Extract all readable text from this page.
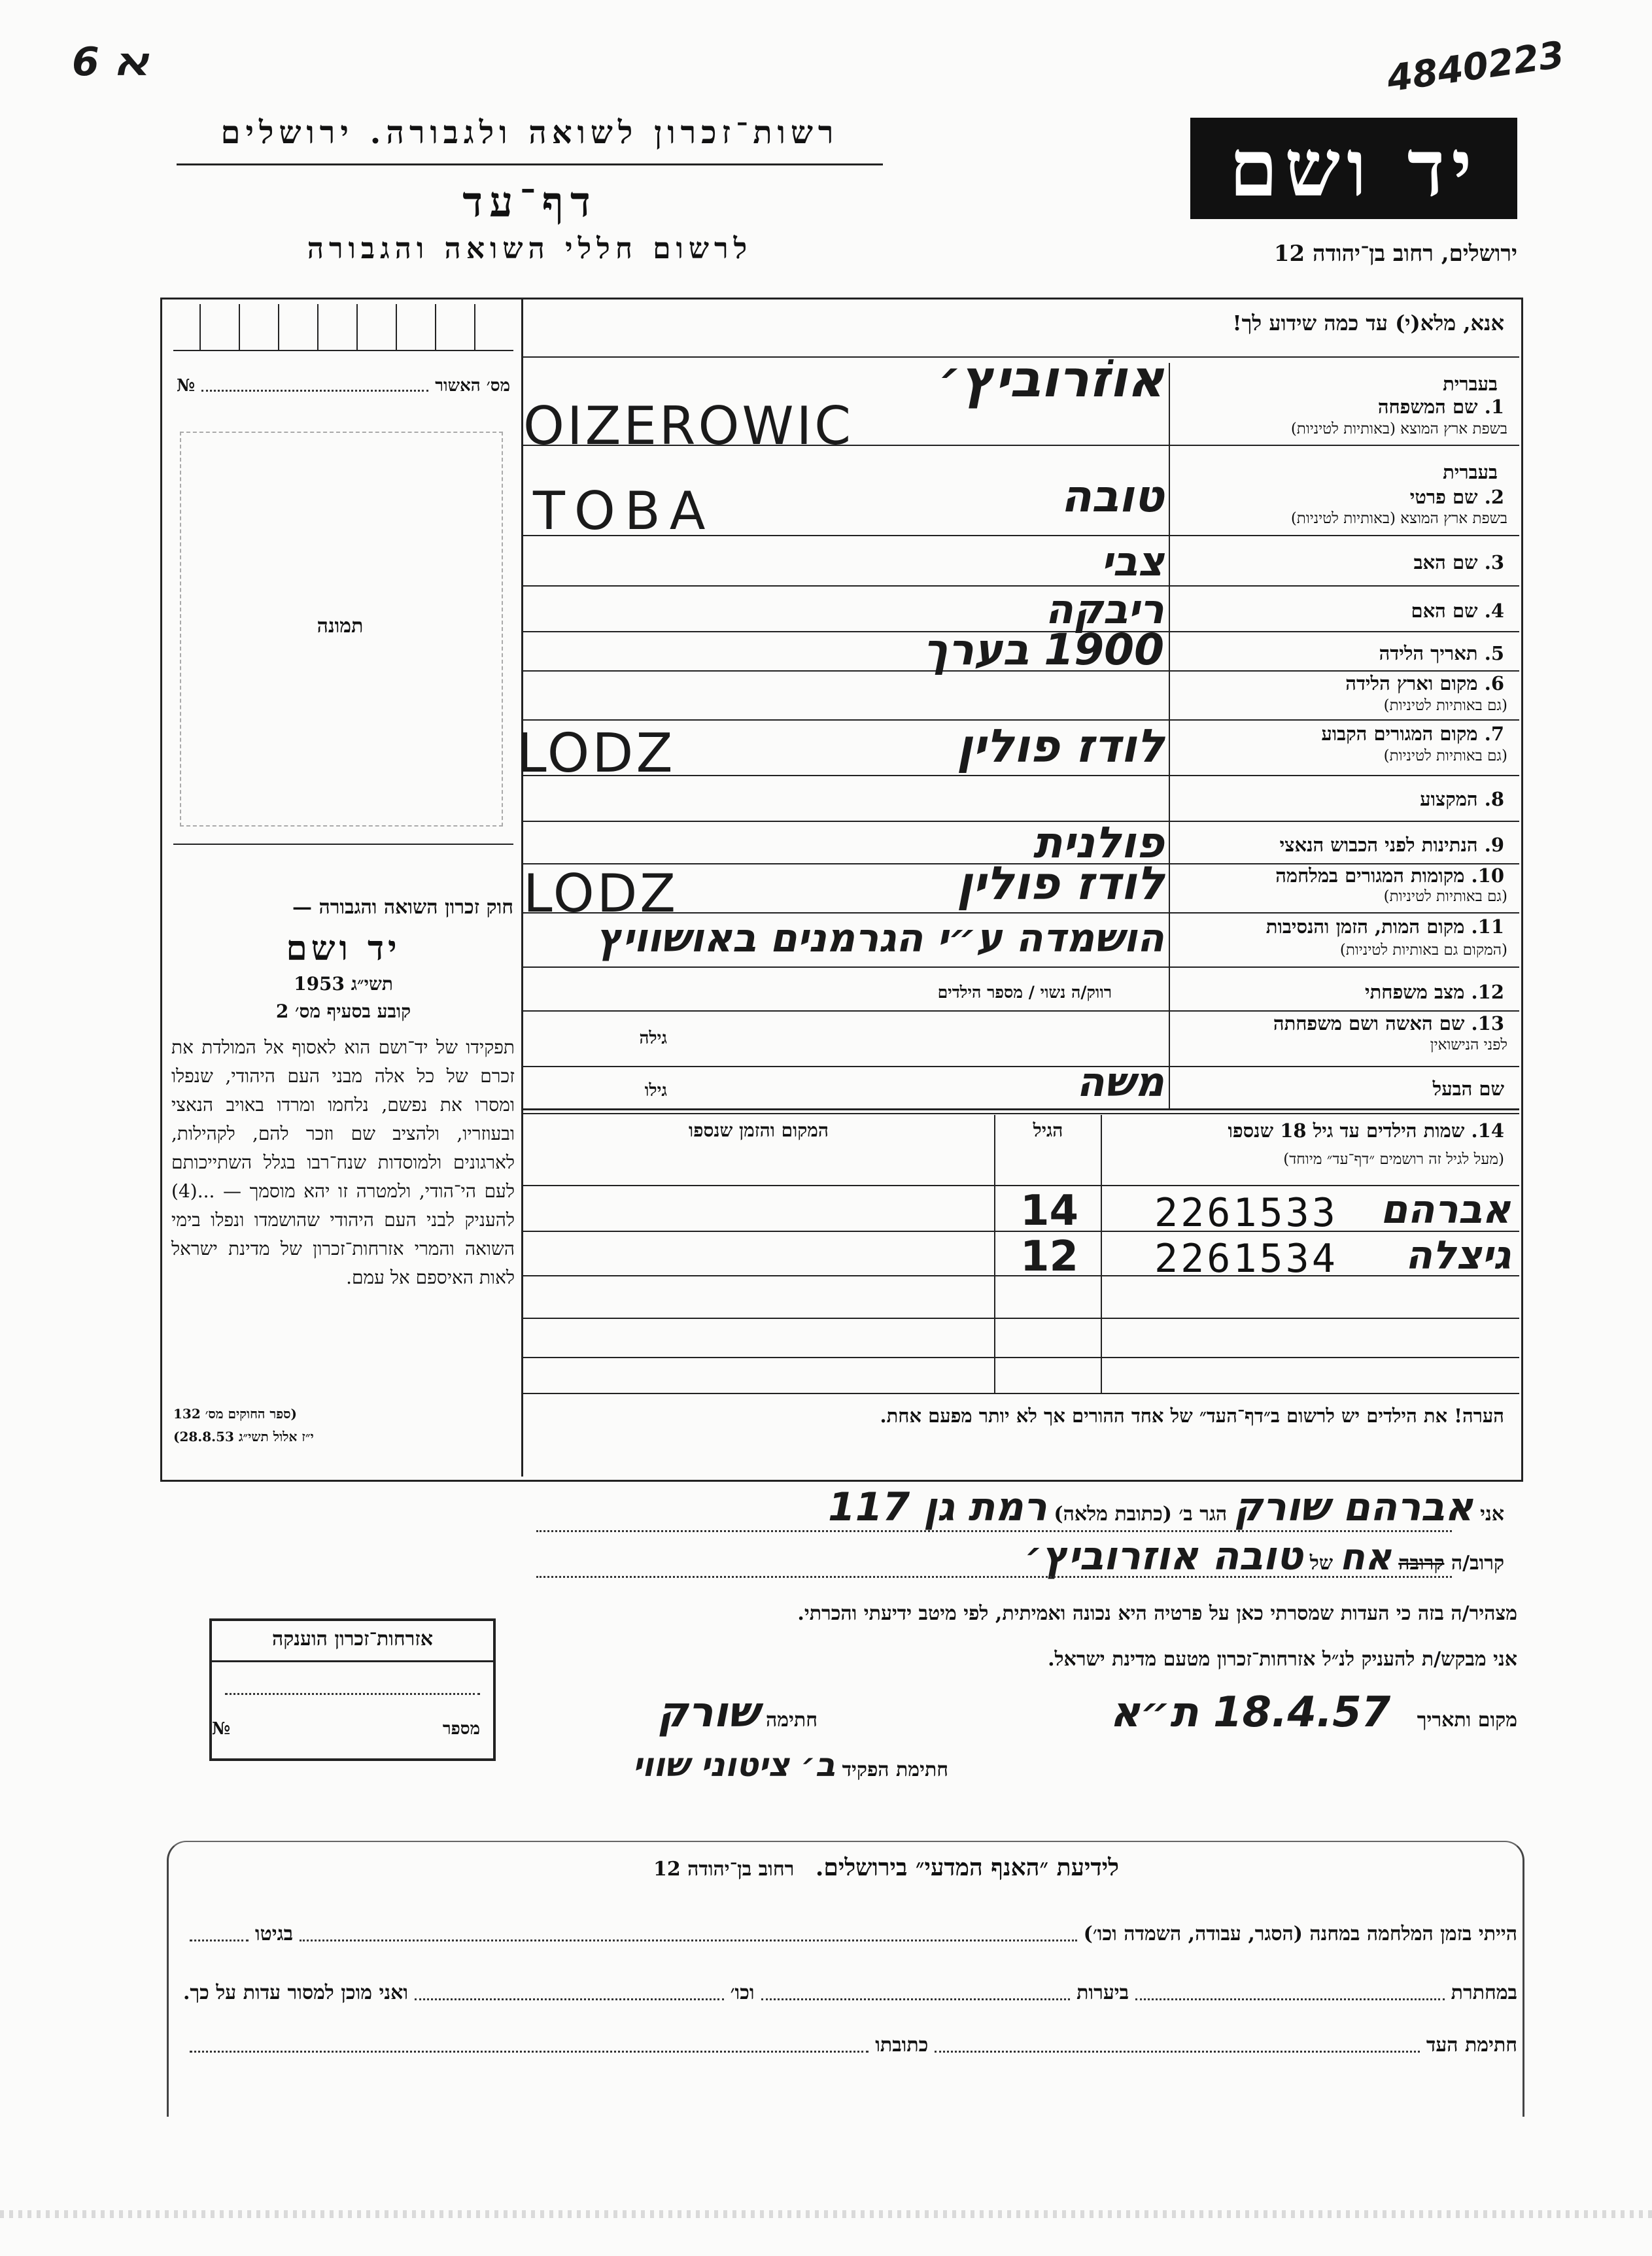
ﬡ 6	4840223
רשות־זכרון לשואה ולגבורה. ירושלים
דף־עד
לרשום חללי השואה והגבורה
יד ושם
ירושלים, רחוב בן־יהודה 12
אנא, מלא(י) עד כמה שידוע לך!
מס׳ האשור
№
תמונה
חוק זכרון השואה והגבורה —
יד ושם
תשי״ג 1953
קובע בסעיף מס׳ 2
תפקידו של יד־ושם הוא לאסוף אל המולדת את זכרם של כל אלה מבני העם היהודי, שנפלו ומסרו את נפשם, נלחמו ומרדו באויב הנאצי ובעוזריו, ולהציב שם וזכר להם, לקהילות, לארגונים ולמוסדות שנח־רבו בגלל השתייכותם לעם הי־הודי, ולמטרה זו יהא מוסמך — ...(4) להעניק לבני העם היהודי שהושמדו ונפלו בימי השואה והמרי אזרחות־זכרון של מדינת ישראל לאות האיספם אל עמם.
(ספר החוקים מס׳ 132
י״ז אלול תשי״ג 28.8.53)
בעברית
1. שם המשפחה
בשפת ארץ המוצא (באותיות לטיניות)
בעברית
2. שם פרטי
בשפת ארץ המוצא (באותיות לטיניות)
3. שם האב
4. שם האם
5. תאריך הלידה
6. מקום וארץ הלידה
(גם באותיות לטיניות)
7. מקום המגורים הקבוע
(גם באותיות לטיניות)
8. המקצוע
9. הנתינות לפני הכבוש הנאצי
10. מקומות המגורים במלחמה
(גם באותיות לטיניות)
11. מקום המות, הזמן והנסיבות
(המקום גם באותיות לטיניות)
12. מצב משפחתי
רווק/ה נשוי / מספר הילדים
13. שם האשה ושם משפחתה
לפני הנישואין
גילה
שם הבעל
גילו
אוֹזרוביץ׳
OIZEROWIC
טובה
TOBA
צבי
ריבקה
1900 בערך
לודז פולין
LODZ
פולנית
לודז פולין
LODZ
הושמדה ע״י הגרמנים באושוויץ
משה
14. שמות הילדים עד גיל 18 שנספו
(מעל לגיל זה רושמים ״דף־עד״ מיוחד)
הגיל
המקום והזמן שנספו
אברהם
2261533
14
גיצלה
2261534
12
הערה! את הילדים יש לרשום ב״דף־העד״ של אחד ההורים אך לא יותר מפעם אחת.
אני אברהם שורק הגר ב׳ (כתובת מלאה) רמת גן 117
קרוב/ה קרובה אח של טובה אוזרוביץ׳
מצהיר/ה בזה כי העדות שמסרתי כאן על פרטיה היא נכונה ואמיתית, לפי מיטב ידיעתי והכרתי.
אני מבקש/ת להעניק לנ״ל אזרחות־זכרון מטעם מדינת ישראל.
מקום ותאריך 18.4.57 ת״א
חתימה שורק
חתימת הפקיד ב׳ ציטוני שווי
אזרחות־זכרון הוענקה
מספר
№
לידיעת ״האנף המדעי״ בירושלים. רחוב בן־יהודה 12
הייתי בזמן המלחמה במחנה (הסגר, עבודה, השמדה וכו׳)
בגיטו
במחתרת
ביערות
וכו׳
ואני מוכן למסור עדות על כך.
חתימת העד
כתובתו
